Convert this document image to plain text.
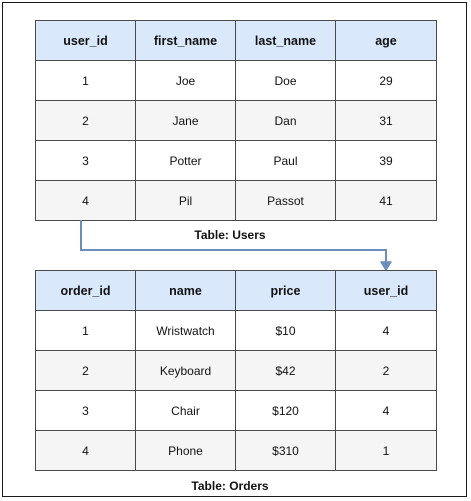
user_id	first_name	last_name	age
1	Joe	Doe	29
2	Jane	Dan	31
3	Potter	Paul	39
4	Pil	Passot	41
Table: Users
order_id	name	price	user_id
1	Wristwatch	$10	4
2	Keyboard	$42	2
3	Chair	$120	4
4	Phone	$310	1
Table: Orders
